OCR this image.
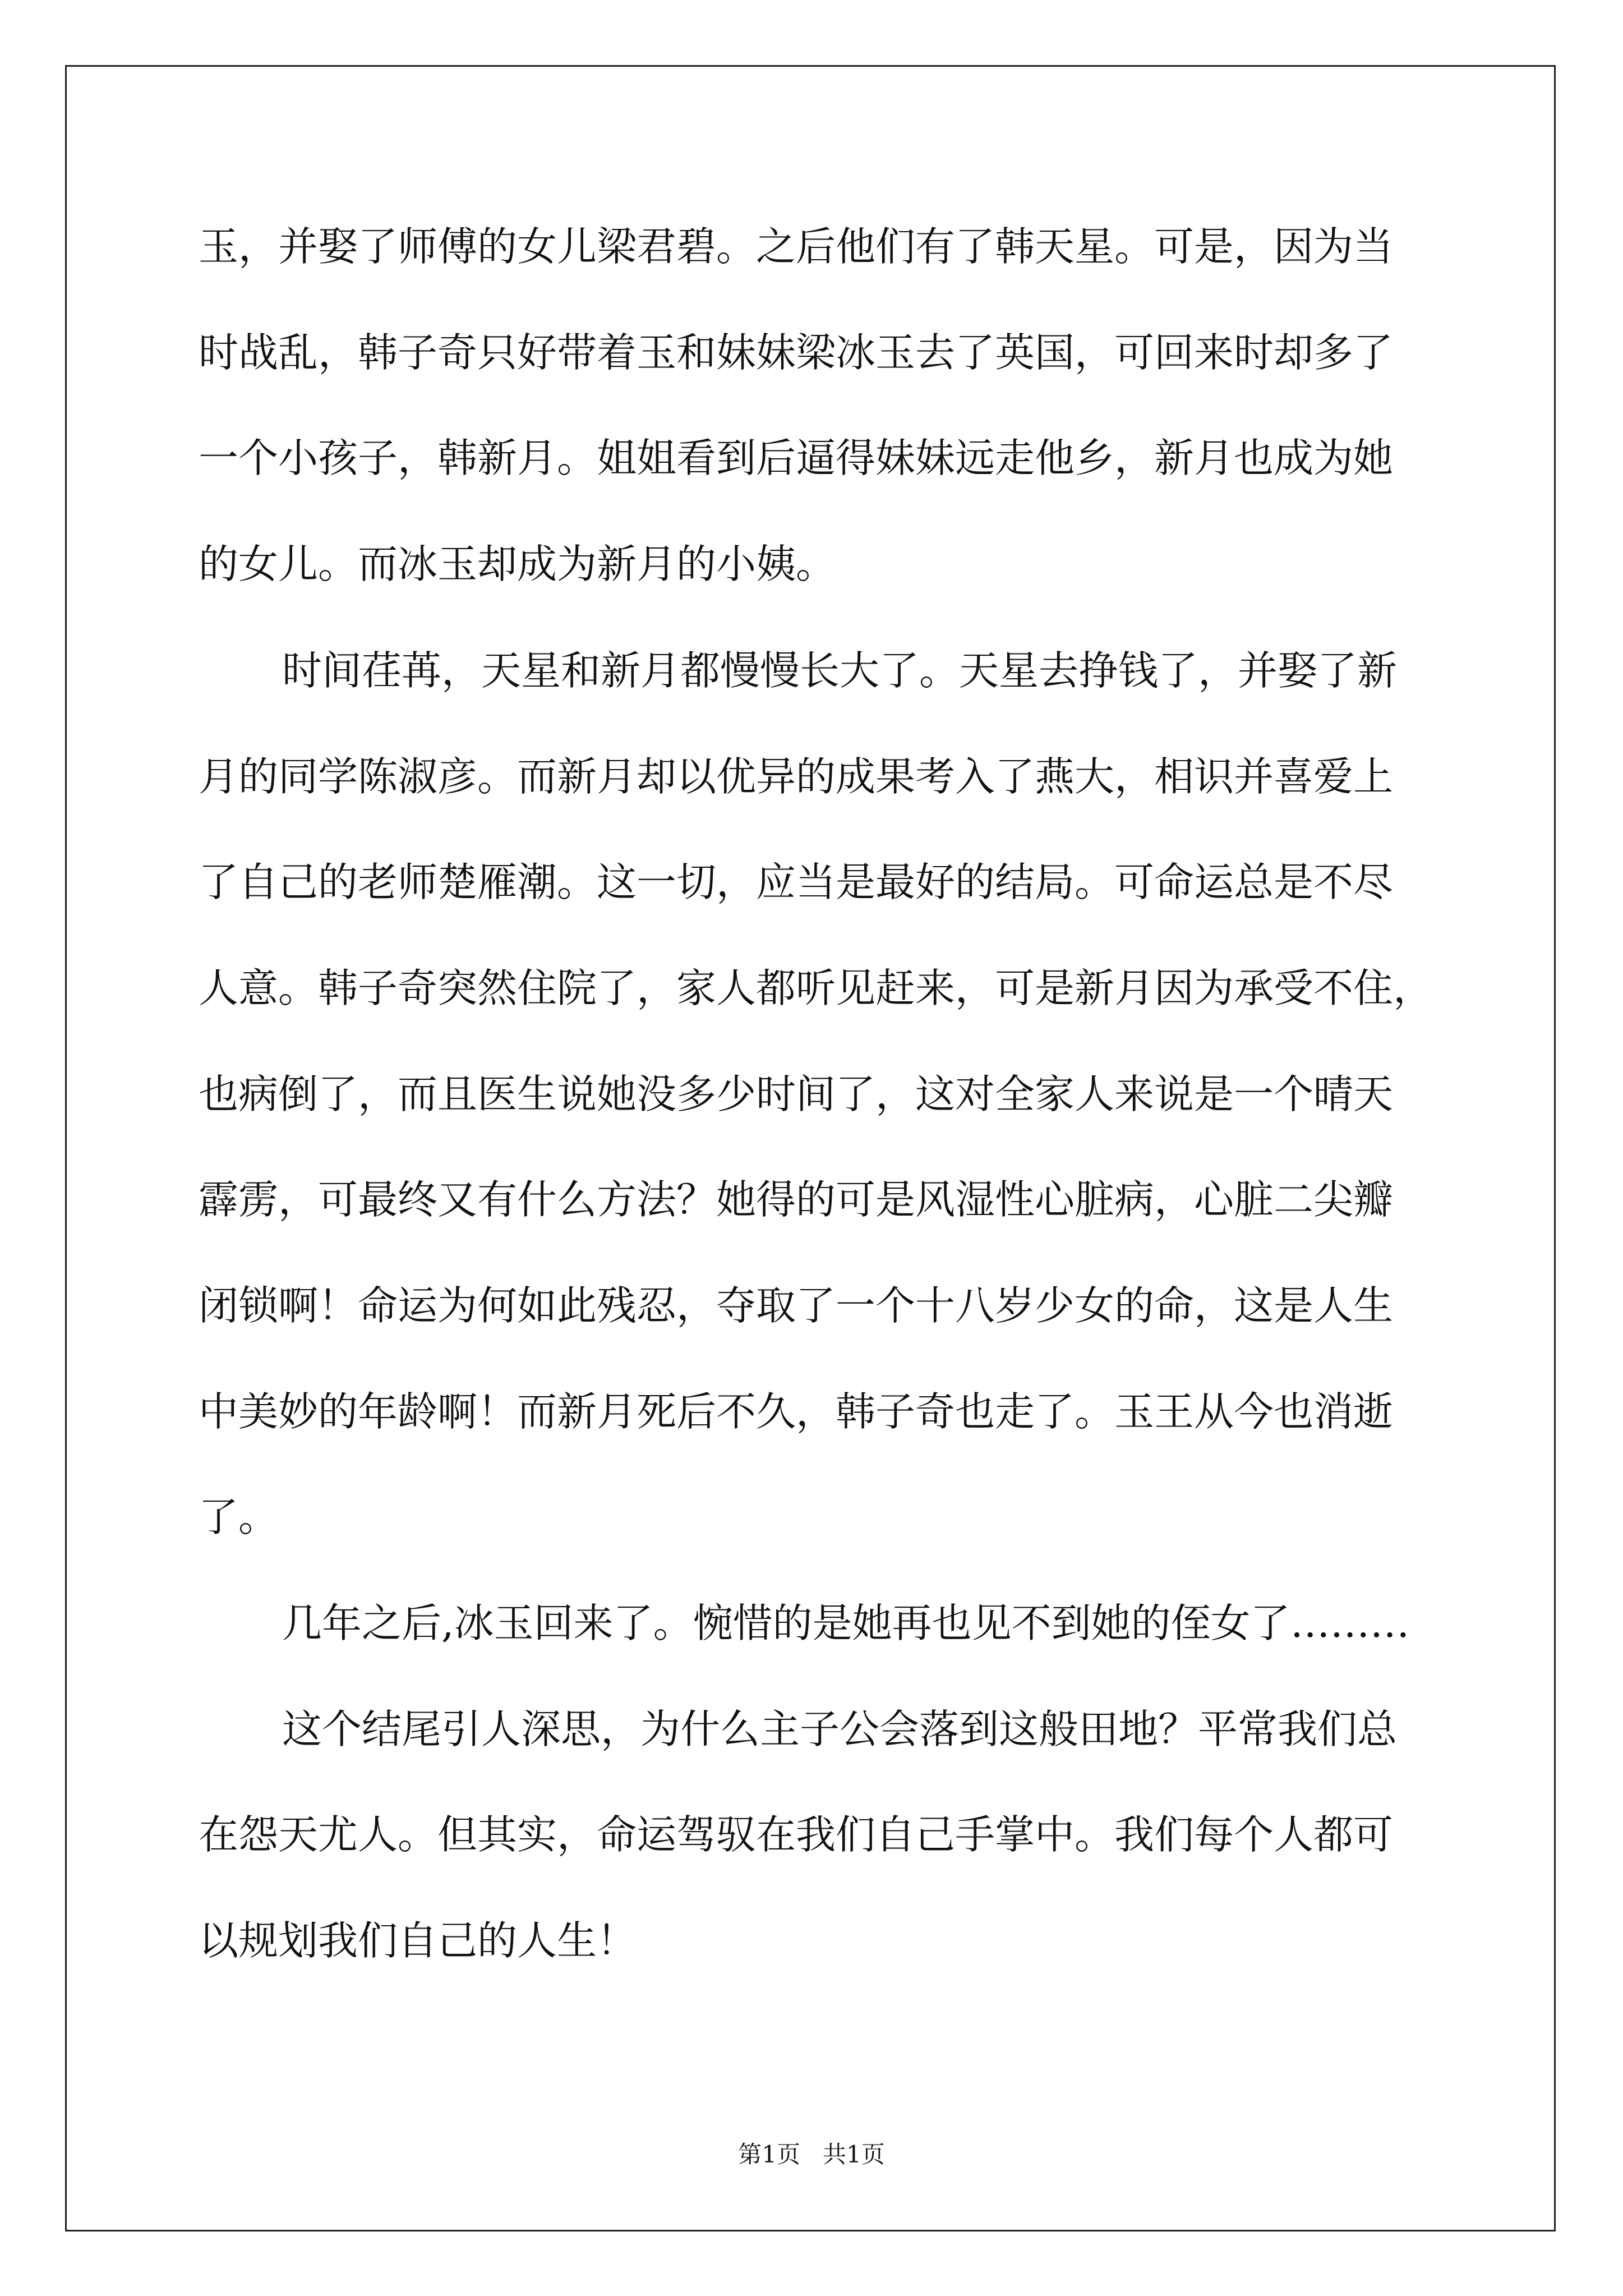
玉，并娶了师傅的女儿梁君碧。之后他们有了韩天星。可是，因为当
时战乱，韩子奇只好带着玉和妹妹梁冰玉去了英国，可回来时却多了
一个小孩子，韩新月。姐姐看到后逼得妹妹远走他乡，新月也成为她
的女儿。而冰玉却成为新月的小姨。
时间荏苒，天星和新月都慢慢长大了。天星去挣钱了，并娶了新
月的同学陈淑彦。而新月却以优异的成果考入了燕大，相识并喜爱上
了自己的老师楚雁潮。这一切，应当是最好的结局。可命运总是不尽
人意。韩子奇突然住院了，家人都听见赶来，可是新月因为承受不住，
也病倒了，而且医生说她没多少时间了，这对全家人来说是一个晴天
霹雳，可最终又有什么方法？她得的可是风湿性心脏病，心脏二尖瓣
闭锁啊！命运为何如此残忍，夺取了一个十八岁少女的命，这是人生
中美妙的年龄啊！而新月死后不久，韩子奇也走了。玉王从今也消逝
了。
几年之后,冰玉回来了。惋惜的是她再也见不到她的侄女了………
这个结尾引人深思，为什么主子公会落到这般田地？平常我们总
在怨天尤人。但其实，命运驾驭在我们自己手掌中。我们每个人都可
以规划我们自己的人生！
第1页   共1页
